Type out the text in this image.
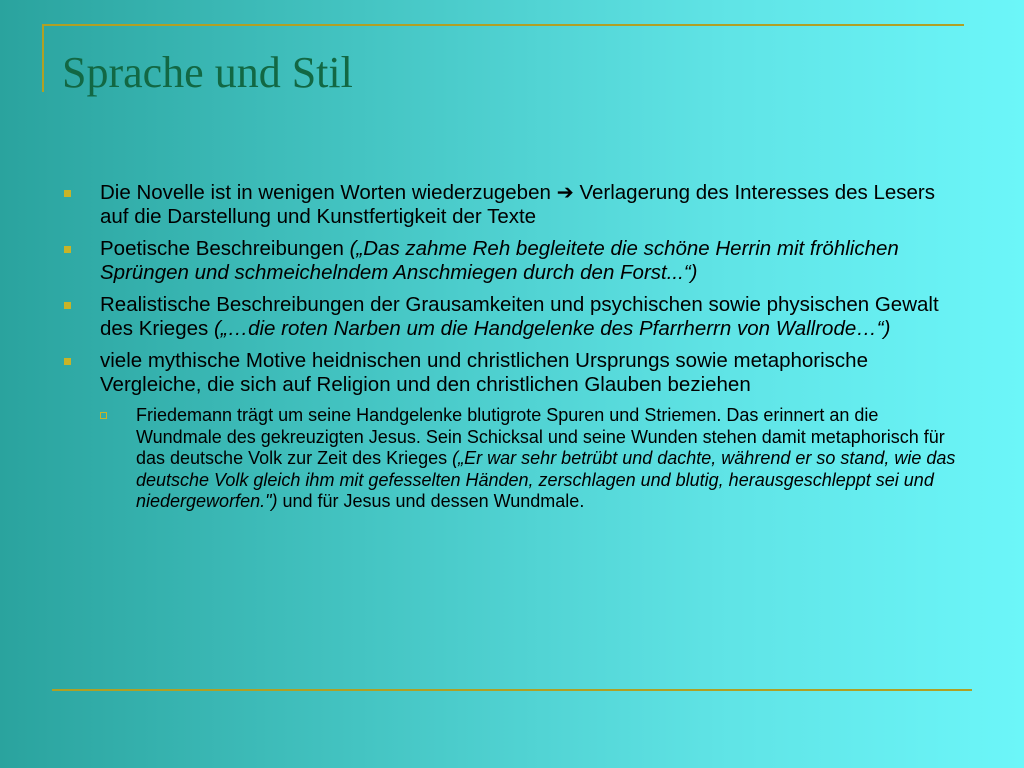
Sprache und Stil
Die Novelle ist in wenigen Worten wiederzugeben ➔ Verlagerung des Interesses des Lesers auf die Darstellung und Kunstfertigkeit der Texte
Poetische Beschreibungen („Das zahme Reh begleitete die schöne Herrin mit fröhlichen Sprüngen und schmeichelndem Anschmiegen durch den Forst...“)
Realistische Beschreibungen der Grausamkeiten und psychischen sowie physischen Gewalt des Krieges („…die roten Narben um die Handgelenke des Pfarrherrn von Wallrode…“)
viele mythische Motive heidnischen und christlichen Ursprungs sowie metaphorische Vergleiche, die sich auf Religion und den christlichen Glauben beziehen
Friedemann trägt um seine Handgelenke blutigrote Spuren und Striemen. Das erinnert an die Wundmale des gekreuzigten Jesus. Sein Schicksal und seine Wunden stehen damit metaphorisch für das deutsche Volk zur Zeit des Krieges („Er war sehr betrübt und dachte, während er so stand, wie das deutsche Volk gleich ihm mit gefesselten Händen, zerschlagen und blutig, herausgeschleppt sei und niedergeworfen.") und für Jesus und dessen Wundmale.
